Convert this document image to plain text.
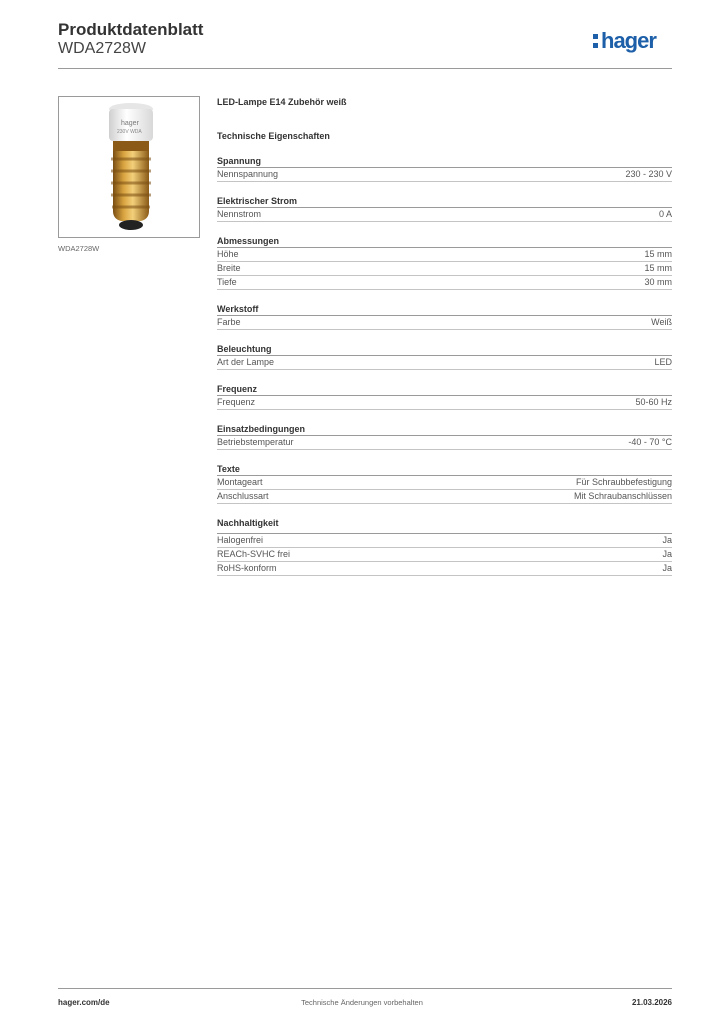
Produktdatenblatt
WDA2728W	hager
hager
230V WDA
WDA2728W
LED-Lampe E14 Zubehör weiß
Technische Eigenschaften
Spannung
Nennspannung	230 - 230 V
Elektrischer Strom
Nennstrom	0 A
Abmessungen
Höhe	15 mm
Breite	15 mm
Tiefe	30 mm
Werkstoff
Farbe	Weiß
Beleuchtung
Art der Lampe	LED
Frequenz
Frequenz	50-60 Hz
Einsatzbedingungen
Betriebstemperatur	-40 - 70 °C
Texte
Montageart	Für Schraubbefestigung
Anschlussart	Mit Schraubanschlüssen
Nachhaltigkeit
Halogenfrei	Ja
REACh-SVHC frei	Ja
RoHS-konform	Ja
hager.com/de	Technische Änderungen vorbehalten	21.03.2026
